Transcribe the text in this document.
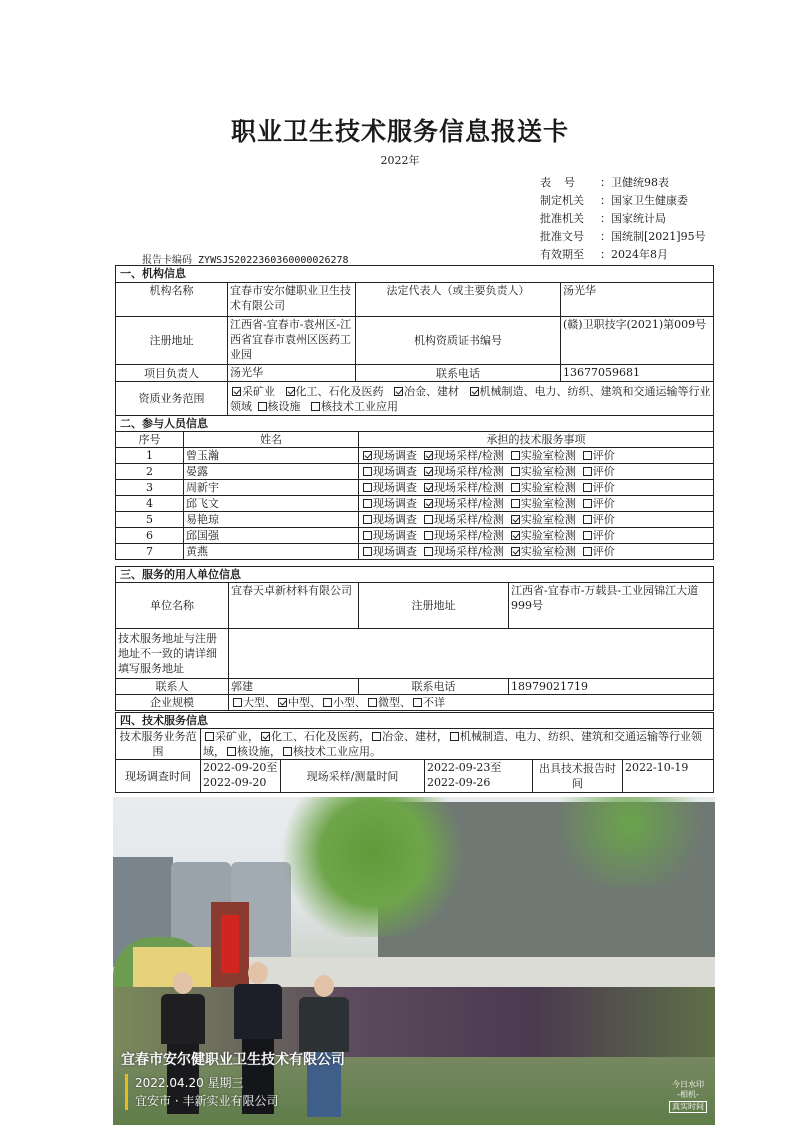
职业卫生技术服务信息报送卡
2022年
表号 ：卫健统98表
制定机关 ：国家卫生健康委
批准机关 ：国家统计局
批准文号 ：国统制[2021]95号
有效期至 ：2024年8月
报告卡编码 ZYWSJS2022360360000026278
一、机构信息			
机构名称	宜春市安尔健职业卫生技术有限公司	法定代表人（或主要负责人）	汤光华
注册地址	江西省-宜春市-袁州区-江西省宜春市袁州区医药工业园	机构资质证书编号	(赣)卫职技字(2021)第009号
项目负责人	汤光华	联系电话	13677059681
资质业务范围	采矿业 化工、石化及医药 冶金、建材 机械制造、电力、纺织、建筑和交通运输等行业领域 核设施 核技术工业应用		
二、参与人员信息		
序号	姓名	承担的技术服务事项
1	曾玉瀚	现场调查 现场采样/检测 实验室检测 评价
2	晏露	现场调查 现场采样/检测 实验室检测 评价
3	周新宇	现场调查 现场采样/检测 实验室检测 评价
4	邱飞文	现场调查 现场采样/检测 实验室检测 评价
5	易艳琼	现场调查 现场采样/检测 实验室检测 评价
6	邱国强	现场调查 现场采样/检测 实验室检测 评价
7	黄燕	现场调查 现场采样/检测 实验室检测 评价
三、服务的用人单位信息			
单位名称	宜春天卓新材料有限公司	注册地址	江西省-宜春市-万载县-工业园锦江大道999号
技术服务地址与注册地址不一致的请详细填写服务地址			
联系人	郭建	联系电话	18979021719
企业规模	大型、 中型、 小型、 微型、 不详		
四、技术服务信息					
技术服务业务范围	采矿业， 化工、石化及医药， 冶金、建材， 机械制造、电力、纺织、建筑和交通运输等行业领域， 核设施， 核技术工业应用。				
现场调查时间	2022-09-20至2022-09-20	现场采样/测量时间	2022-09-23至2022-09-26	出具技术报告时间	2022-10-19
宜春市安尔健职业卫生技术有限公司
2022.04.20 星期三
宜安市 · 丰新实业有限公司
今日水印
-相机-
真实时间
